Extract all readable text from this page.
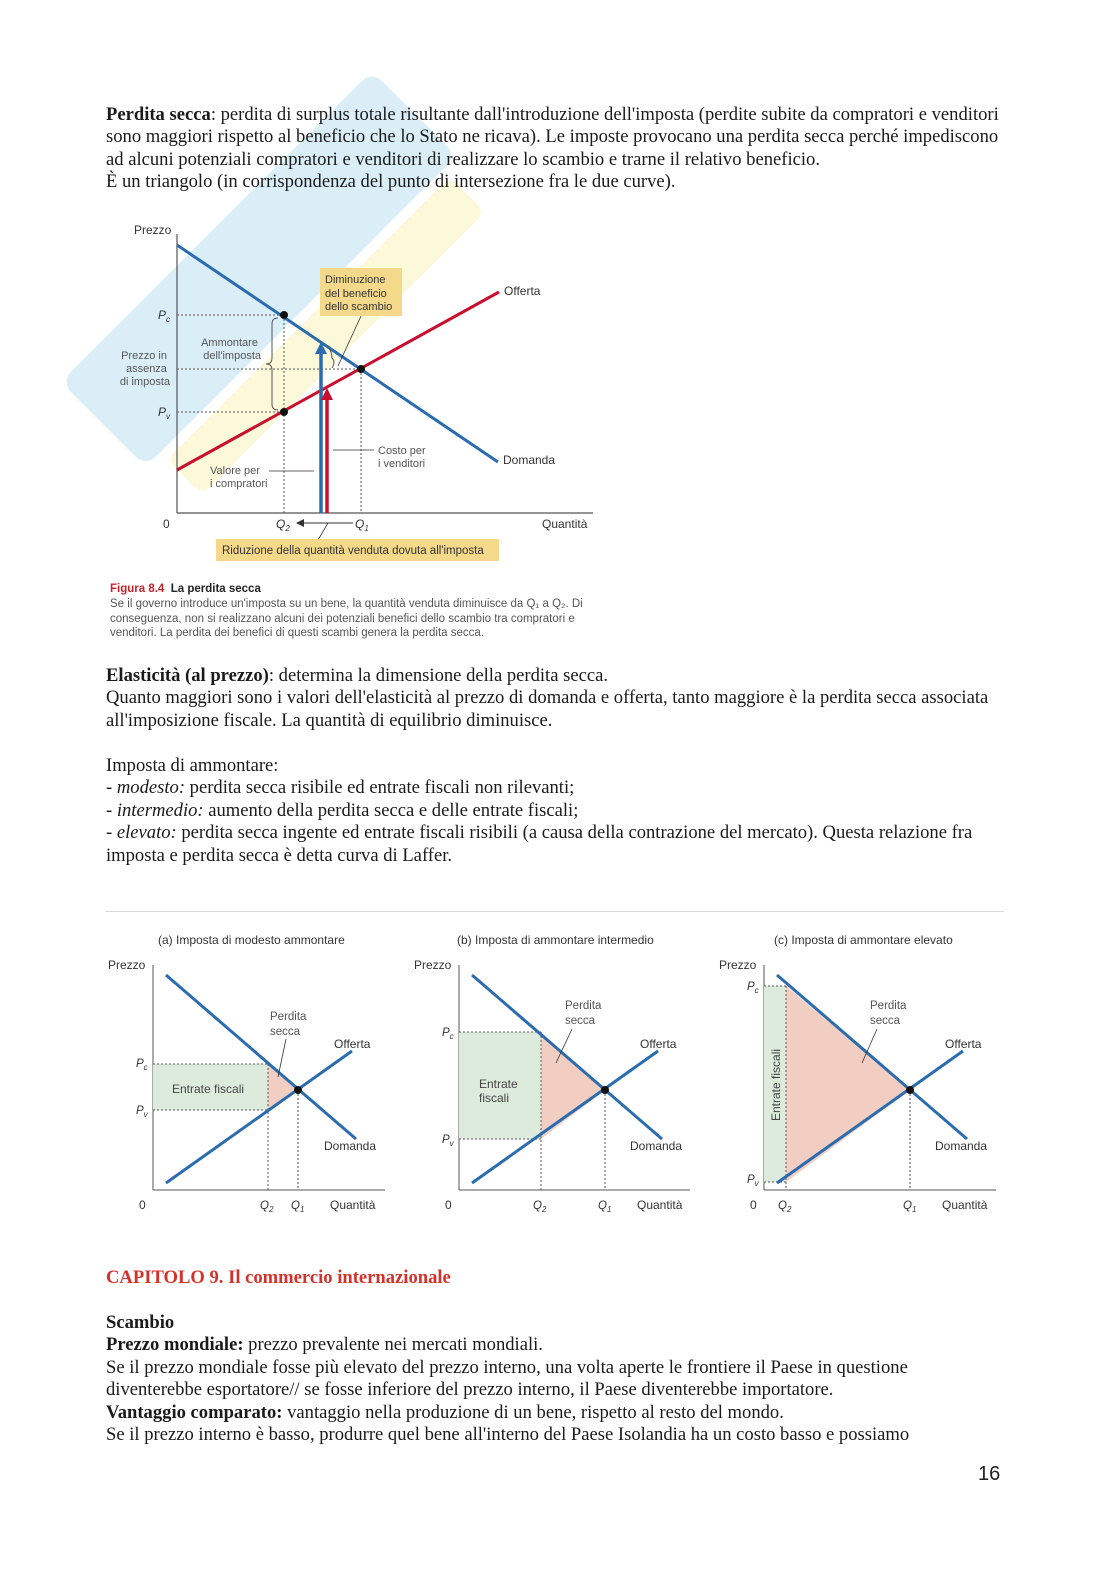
Perdita secca: perdita di surplus totale risultante dall'introduzione dell'imposta (perdite subite da compratori e venditori sono maggiori rispetto al beneficio che lo Stato ne ricava). Le imposte provocano una perdita secca perché impediscono ad alcuni potenziali compratori e venditori di realizzare lo scambio e trarne il relativo beneficio.
È un triangolo (in corrispondenza del punto di intersezione fra le due curve).

Prezzo
Quantità
0
Offerta
Domanda
$P_c$
$P_v$
$Q_2$	$Q_1$
Diminuzione del beneficio dello scambio
Riduzione della quantità venduta dovuta all'imposta
Ammontare dell'imposta
Prezzo in assenza di imposta
Costo per i venditori
Valore per i compratori
Figura 8.4 La perdita secca
Se il governo introduce un'imposta su un bene, la quantità venduta diminuisce da Q₁ a Q₂. Di conseguenza, non si realizzano alcuni dei potenziali benefici dello scambio tra compratori e venditori. La perdita dei benefici di questi scambi genera la perdita secca.

Elasticità (al prezzo): determina la dimensione della perdita secca.
Quanto maggiori sono i valori dell'elasticità al prezzo di domanda e offerta, tanto maggiore è la perdita secca associata all'imposizione fiscale. La quantità di equilibrio diminuisce.

Imposta di ammontare:
- modesto: perdita secca risibile ed entrate fiscali non rilevanti;
- intermedio: aumento della perdita secca e delle entrate fiscali;
- elevato: perdita secca ingente ed entrate fiscali risibili (a causa della contrazione del mercato). Questa relazione fra imposta e perdita secca è detta curva di Laffer.

(a) Imposta di modesto ammontare
Prezzo
Entrate fiscali
Perdita secca
Offerta
Domanda
$P_c$
$P_v$
0	$Q_2$ $Q_1$ Quantità
(b) Imposta di ammontare intermedio
Prezzo
Entrate fiscali
Perdita secca
Offerta
Domanda
$P_c$
$P_v$
0	$Q_2$	$Q_1$ Quantità
(c) Imposta di ammontare elevato
Prezzo
Entrate fiscali
Perdita secca
Offerta
Domanda
$P_c$
$P_v$
0 $Q_2$	$Q_1$ Quantità
CAPITOLO 9. Il commercio internazionale

Scambio
Prezzo mondiale: prezzo prevalente nei mercati mondiali.
Se il prezzo mondiale fosse più elevato del prezzo interno, una volta aperte le frontiere il Paese in questione diventerebbe esportatore// se fosse inferiore del prezzo interno, il Paese diventerebbe importatore.
Vantaggio comparato: vantaggio nella produzione di un bene, rispetto al resto del mondo.
Se il prezzo interno è basso, produrre quel bene all'interno del Paese Isolandia ha un costo basso e possiamo

16
